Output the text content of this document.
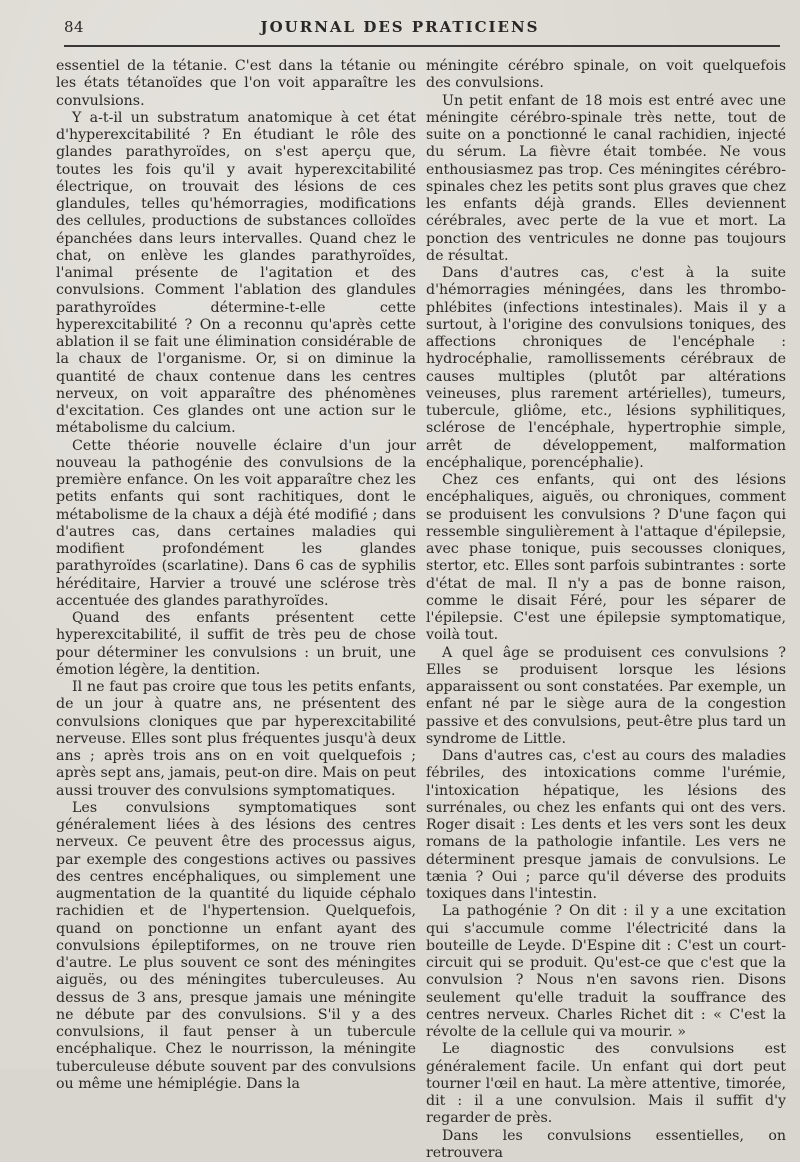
84	JOURNAL DES PRATICIENS

essentiel de la tétanie. C'est dans la tétanie ou les états tétanoïdes que l'on voit apparaître les convulsions.

Y a-t-il un substratum anatomique à cet état d'hyperexcitabilité ? En étudiant le rôle des glandes parathyroïdes, on s'est aperçu que, toutes les fois qu'il y avait hyperexcitabilité électrique, on trouvait des lésions de ces glandules, telles qu'hémorragies, modifications des cellules, productions de substances colloïdes épanchées dans leurs intervalles. Quand chez le chat, on enlève les glandes parathyroïdes, l'animal présente de l'agitation et des convulsions. Comment l'ablation des glandules parathyroïdes détermine-t-elle cette hyperexcitabilité ? On a reconnu qu'après cette ablation il se fait une élimination considérable de la chaux de l'organisme. Or, si on diminue la quantité de chaux contenue dans les centres nerveux, on voit apparaître des phénomènes d'excitation. Ces glandes ont une action sur le métabolisme du calcium.

Cette théorie nouvelle éclaire d'un jour nouveau la pathogénie des convulsions de la première enfance. On les voit apparaître chez les petits enfants qui sont rachitiques, dont le métabolisme de la chaux a déjà été modifié ; dans d'autres cas, dans certaines maladies qui modifient profondément les glandes parathyroïdes (scarlatine). Dans 6 cas de syphilis héréditaire, Harvier a trouvé une sclérose très accentuée des glandes parathyroïdes.

Quand des enfants présentent cette hyperexcitabilité, il suffit de très peu de chose pour déterminer les convulsions : un bruit, une émotion légère, la dentition.

Il ne faut pas croire que tous les petits enfants, de un jour à quatre ans, ne présentent des convulsions cloniques que par hyperexcitabilité nerveuse. Elles sont plus fréquentes jusqu'à deux ans ; après trois ans on en voit quelquefois ; après sept ans, jamais, peut-on dire. Mais on peut aussi trouver des convulsions symptomatiques.

Les convulsions symptomatiques sont généralement liées à des lésions des centres nerveux. Ce peuvent être des processus aigus, par exemple des congestions actives ou passives des centres encéphaliques, ou simplement une augmentation de la quantité du liquide céphalo rachidien et de l'hypertension. Quelquefois, quand on ponctionne un enfant ayant des convulsions épileptiformes, on ne trouve rien d'autre. Le plus souvent ce sont des méningites aiguës, ou des méningites tuberculeuses. Au dessus de 3 ans, presque jamais une méningite ne débute par des convulsions. S'il y a des convulsions, il faut penser à un tubercule encéphalique. Chez le nourrisson, la méningite tuberculeuse débute souvent par des convulsions ou même une hémiplégie. Dans la

méningite cérébro spinale, on voit quelquefois des convulsions.

Un petit enfant de 18 mois est entré avec une méningite cérébro-spinale très nette, tout de suite on a ponctionné le canal rachidien, injecté du sérum. La fièvre était tombée. Ne vous enthousiasmez pas trop. Ces méningites cérébro-spinales chez les petits sont plus graves que chez les enfants déjà grands. Elles deviennent cérébrales, avec perte de la vue et mort. La ponction des ventricules ne donne pas toujours de résultat.

Dans d'autres cas, c'est à la suite d'hémorragies méningées, dans les thrombo-phlébites (infections intestinales). Mais il y a surtout, à l'origine des convulsions toniques, des affections chroniques de l'encéphale : hydrocéphalie, ramollissements cérébraux de causes multiples (plutôt par altérations veineuses, plus rarement artérielles), tumeurs, tubercule, gliôme, etc., lésions syphilitiques, sclérose de l'encéphale, hypertrophie simple, arrêt de développement, malformation encéphalique, porencéphalie).

Chez ces enfants, qui ont des lésions encéphaliques, aiguës, ou chroniques, comment se produisent les convulsions ? D'une façon qui ressemble singulièrement à l'attaque d'épilepsie, avec phase tonique, puis secousses cloniques, stertor, etc. Elles sont parfois subintrantes : sorte d'état de mal. Il n'y a pas de bonne raison, comme le disait Féré, pour les séparer de l'épilepsie. C'est une épilepsie symptomatique, voilà tout.

A quel âge se produisent ces convulsions ? Elles se produisent lorsque les lésions apparaissent ou sont constatées. Par exemple, un enfant né par le siège aura de la congestion passive et des convulsions, peut-être plus tard un syndrome de Little.

Dans d'autres cas, c'est au cours des maladies fébriles, des intoxications comme l'urémie, l'intoxication hépatique, les lésions des surrénales, ou chez les enfants qui ont des vers. Roger disait : Les dents et les vers sont les deux romans de la pathologie infantile. Les vers ne déterminent presque jamais de convulsions. Le tænia ? Oui ; parce qu'il déverse des produits toxiques dans l'intestin.

La pathogénie ? On dit : il y a une excitation qui s'accumule comme l'électricité dans la bouteille de Leyde. D'Espine dit : C'est un court-circuit qui se produit. Qu'est-ce que c'est que la convulsion ? Nous n'en savons rien. Disons seulement qu'elle traduit la souffrance des centres nerveux. Charles Richet dit : « C'est la révolte de la cellule qui va mourir. »

Le diagnostic des convulsions est généralement facile. Un enfant qui dort peut tourner l'œil en haut. La mère attentive, timorée, dit : il a une convulsion. Mais il suffit d'y regarder de près.

Dans les convulsions essentielles, on retrouvera
